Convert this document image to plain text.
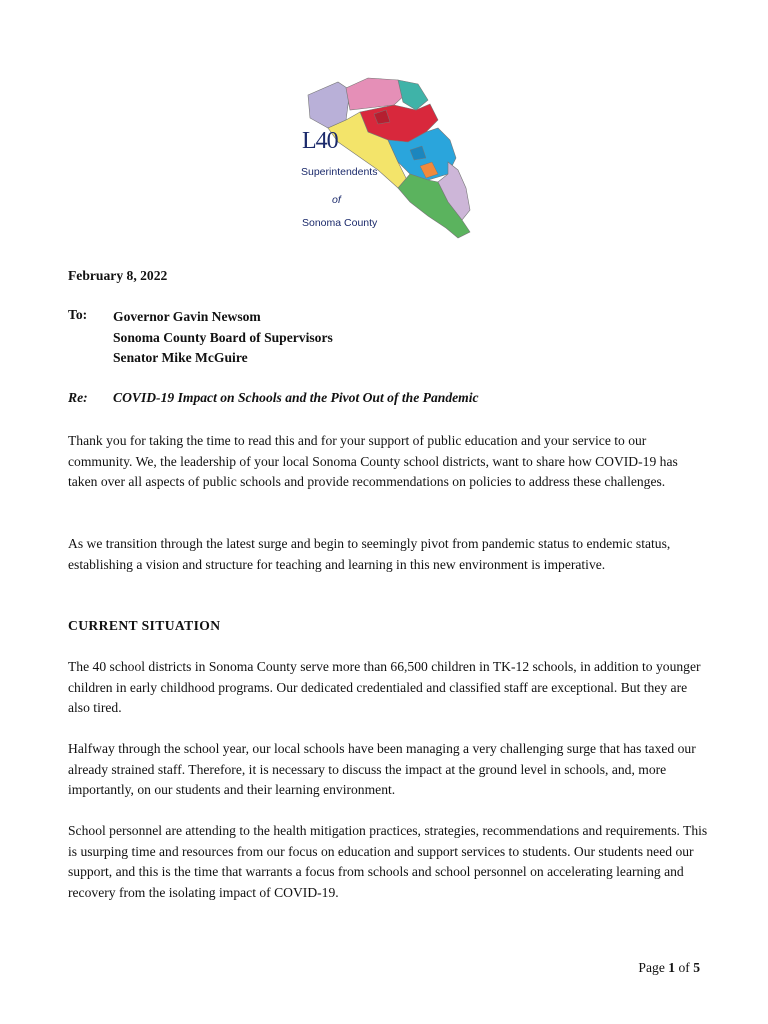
L40
Superintendents
of
Sonoma County
February 8, 2022
To: Governor Gavin Newsom
Sonoma County Board of Supervisors
Senator Mike McGuire
Re: COVID-19 Impact on Schools and the Pivot Out of the Pandemic
Thank you for taking the time to read this and for your support of public education and your service to our community. We, the leadership of your local Sonoma County school districts, want to share how COVID-19 has taken over all aspects of public schools and provide recommendations on policies to address these challenges.
As we transition through the latest surge and begin to seemingly pivot from pandemic status to endemic status, establishing a vision and structure for teaching and learning in this new environment is imperative.
CURRENT SITUATION
The 40 school districts in Sonoma County serve more than 66,500 children in TK-12 schools, in addition to younger children in early childhood programs. Our dedicated credentialed and classified staff are exceptional. But they are also tired.
Halfway through the school year, our local schools have been managing a very challenging surge that has taxed our already strained staff. Therefore, it is necessary to discuss the impact at the ground level in schools, and, more importantly, on our students and their learning environment.
School personnel are attending to the health mitigation practices, strategies, recommendations and requirements. This is usurping time and resources from our focus on education and support services to students. Our students need our support, and this is the time that warrants a focus from schools and school personnel on accelerating learning and recovery from the isolating impact of COVID-19.
Page 1 of 5
